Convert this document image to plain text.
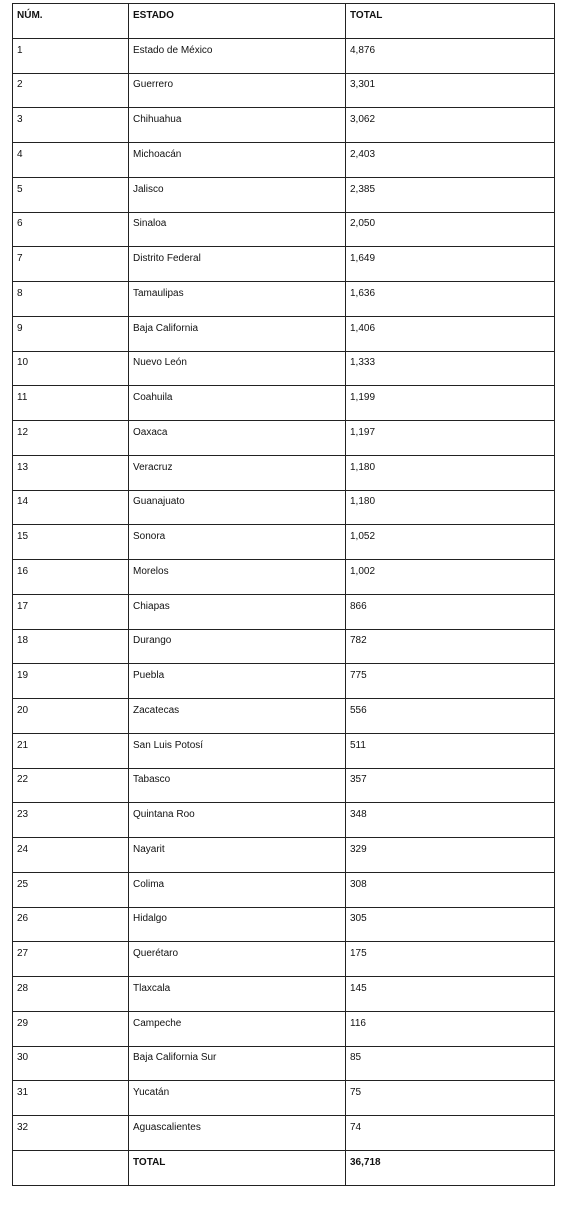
NÚM.	ESTADO	TOTAL
1	Estado de México	4,876
2	Guerrero	3,301
3	Chihuahua	3,062
4	Michoacán	2,403
5	Jalisco	2,385
6	Sinaloa	2,050
7	Distrito Federal	1,649
8	Tamaulipas	1,636
9	Baja California	1,406
10	Nuevo León	1,333
11	Coahuila	1,199
12	Oaxaca	1,197
13	Veracruz	1,180
14	Guanajuato	1,180
15	Sonora	1,052
16	Morelos	1,002
17	Chiapas	866
18	Durango	782
19	Puebla	775
20	Zacatecas	556
21	San Luis Potosí	511
22	Tabasco	357
23	Quintana Roo	348
24	Nayarit	329
25	Colima	308
26	Hidalgo	305
27	Querétaro	175
28	Tlaxcala	145
29	Campeche	116
30	Baja California Sur	85
31	Yucatán	75
32	Aguascalientes	74
	TOTAL	36,718
